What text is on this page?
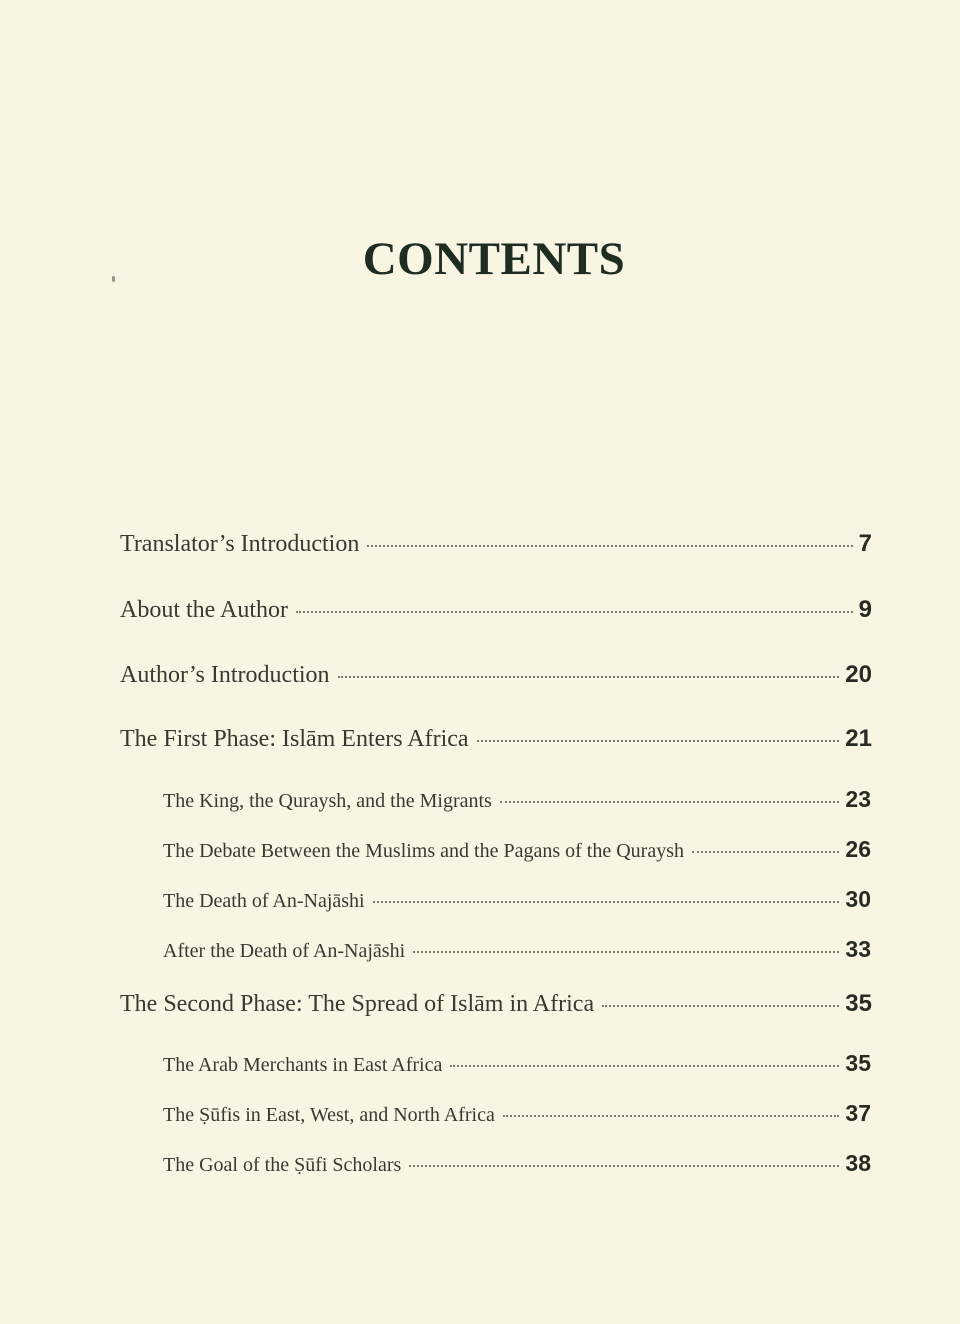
CONTENTS
Translator’s Introduction	7
About the Author	9
Author’s Introduction	20
The First Phase: Islām Enters Africa	21
The King, the Quraysh, and the Migrants	23
The Debate Between the Muslims and the Pagans of the Quraysh	26
The Death of An-Najāshi	30
After the Death of An-Najāshi	33
The Second Phase: The Spread of Islām in Africa	35
The Arab Merchants in East Africa	35
The Ṣūfis in East, West, and North Africa	37
The Goal of the Ṣūfi Scholars	38
